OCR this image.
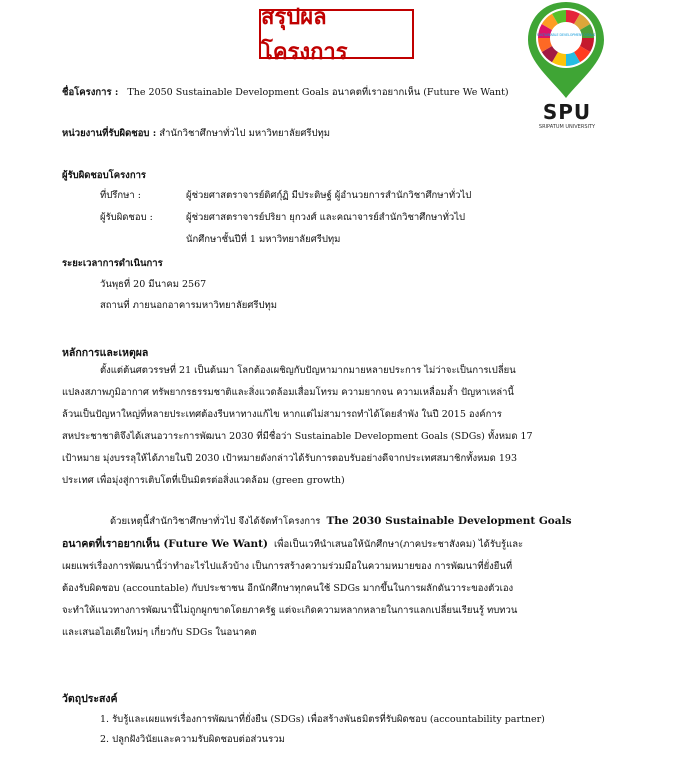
สรุปผลโครงการ
SUSTAINABLE DEVELOPMENT GOALS
SPU
SRIPATUM UNIVERSITY
ชื่อโครงการ : The 2050 Sustainable Development Goals อนาคตที่เราอยากเห็น (Future We Want)
หน่วยงานที่รับผิดชอบ : สำนักวิชาศึกษาทั่วไป มหาวิทยาลัยศรีปทุม
ผู้รับผิดชอบโครงการ
ที่ปรึกษา :	ผู้ช่วยศาสตราจารย์ดิศกุ์ฏิ มีประดิษฐ์ ผู้อำนวยการสำนักวิชาศึกษาทั่วไป
ผู้รับผิดชอบ :	ผู้ช่วยศาสตราจารย์ปริยา ยุกวงศ์ และคณาจารย์สำนักวิชาศึกษาทั่วไป
นักศึกษาชั้นปีที่ 1 มหาวิทยาลัยศรีปทุม
ระยะเวลาการดำเนินการ
วันพุธที่ 20 มีนาคม 2567
สถานที่ ภายนอกอาคารมหาวิทยาลัยศรีปทุม
หลักการและเหตุผล
ตั้งแต่ต้นศตวรรษที่ 21 เป็นต้นมา โลกต้องเผชิญกับปัญหามากมายหลายประการ ไม่ว่าจะเป็นการเปลี่ยน
แปลงสภาพภูมิอากาศ ทรัพยากรธรรมชาติและสิ่งแวดล้อมเสื่อมโทรม ความยากจน ความเหลื่อมล้ำ ปัญหาเหล่านี้
ล้วนเป็นปัญหาใหญ่ที่หลายประเทศต้องรีบหาทางแก้ไข หากแต่ไม่สามารถทำได้โดยลำพัง ในปี 2015 องค์การ
สหประชาชาติจึงได้เสนอวาระการพัฒนา 2030 ที่มีชื่อว่า Sustainable Development Goals (SDGs) ทั้งหมด 17
เป้าหมาย มุ่งบรรลุให้ได้ภายในปี 2030 เป้าหมายดังกล่าวได้รับการตอบรับอย่างดีจากประเทศสมาชิกทั้งหมด 193
ประเทศ เพื่อมุ่งสู่การเติบโตที่เป็นมิตรต่อสิ่งแวดล้อม (green growth)
ด้วยเหตุนี้สำนักวิชาศึกษาทั่วไป จึงได้จัดทำโครงการ The 2030 Sustainable Development Goals
อนาคตที่เราอยากเห็น (Future We Want) เพื่อเป็นเวทีนำเสนอให้นักศึกษา(ภาคประชาสังคม) ได้รับรู้และ
เผยแพร่เรื่องการพัฒนานี้ว่าทำอะไรไปแล้วบ้าง เป็นการสร้างความร่วมมือในความหมายของ การพัฒนาที่ยั่งยืนที่
ต้องรับผิดชอบ (accountable) กับประชาชน อีกนักศึกษาทุกคนใช้ SDGs มากขึ้นในการผลักดันวาระของตัวเอง
จะทำให้แนวทางการพัฒนานี้ไม่ถูกผูกขาดโดยภาครัฐ แต่จะเกิดความหลากหลายในการแลกเปลี่ยนเรียนรู้ ทบทวน
และเสนอไอเดียใหม่ๆ เกี่ยวกับ SDGs ในอนาคต
วัตถุประสงค์
1. รับรู้และเผยแพร่เรื่องการพัฒนาที่ยั่งยืน (SDGs) เพื่อสร้างพันธมิตรที่รับผิดชอบ (accountability partner)
2. ปลูกฝังวินัยและความรับผิดชอบต่อส่วนรวม
